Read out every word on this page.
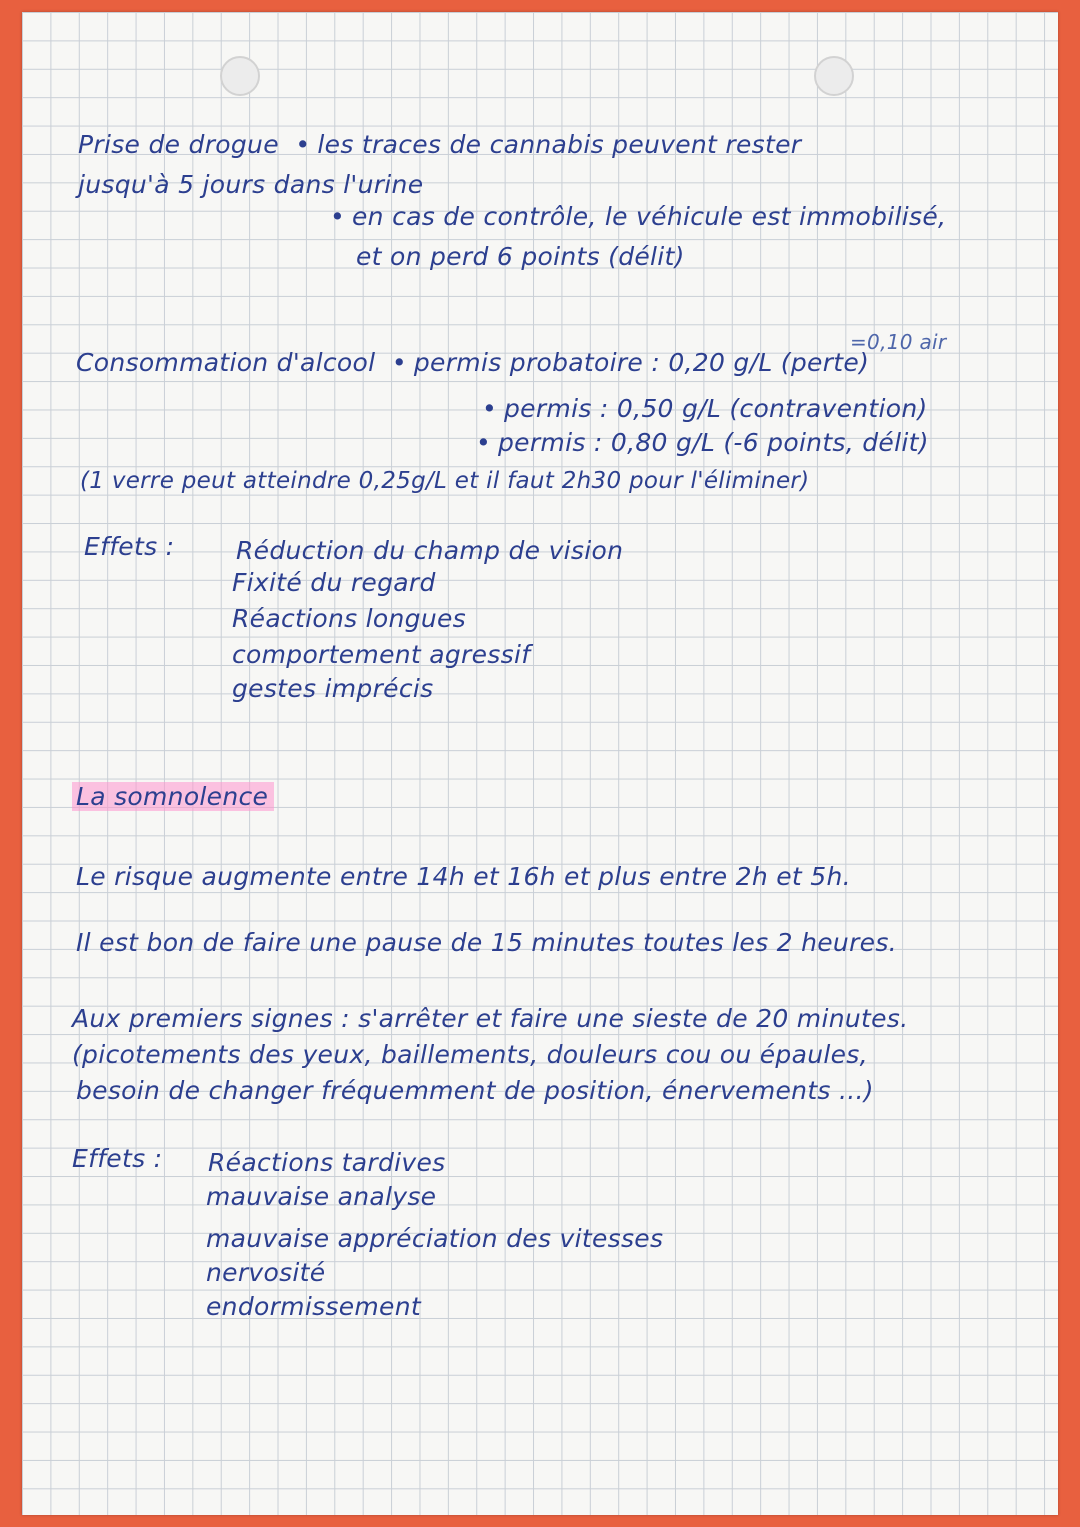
Prise de drogue  • les traces de cannabis peuvent rester
jusqu'à 5 jours dans l'urine
• en cas de contrôle, le véhicule est immobilisé,
et on perd 6 points (délit)
=0,10 air
Consommation d'alcool  • permis probatoire : 0,20 g/L (perte)
• permis : 0,50 g/L (contravention)
• permis : 0,80 g/L (-6 points, délit)
(1 verre peut atteindre 0,25g/L et il faut 2h30 pour l'éliminer)
Effets : Réduction du champ de vision
Fixité du regard
Réactions longues
comportement agressif
gestes imprécis
La somnolence
Le risque augmente entre 14h et 16h et plus entre 2h et 5h.
Il est bon de faire une pause de 15 minutes toutes les 2 heures.
Aux premiers signes : s'arrêter et faire une sieste de 20 minutes.
(picotements des yeux, baillements, douleurs cou ou épaules,
besoin de changer fréquemment de position, énervements ...)
Effets : Réactions tardives
mauvaise analyse
mauvaise appréciation des vitesses
nervosité
endormissement
